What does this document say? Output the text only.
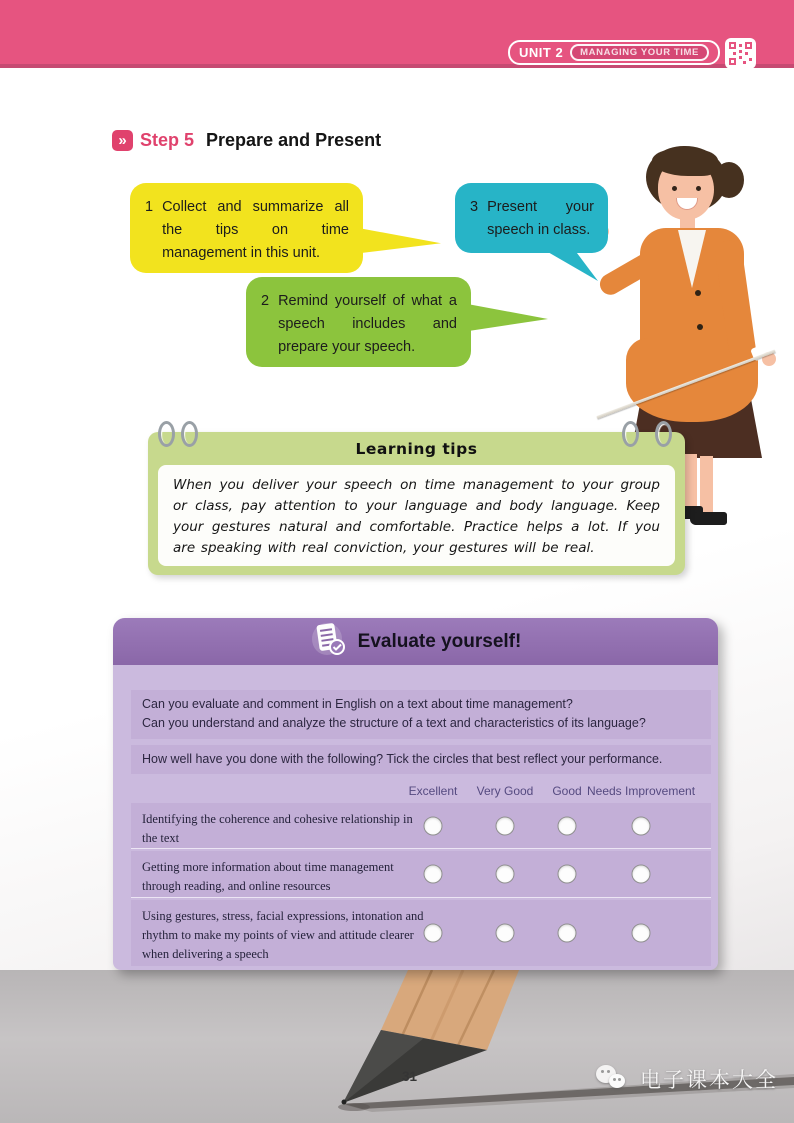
UNIT 2	MANAGING YOUR TIME
» Step 5 Prepare and Present
1 Collect and summarize all the tips on time management in this unit.
2 Remind yourself of what a speech includes and prepare your speech.
3 Present your speech in class.
Learning tips
When you deliver your speech on time management to your group or class, pay attention to your language and body language. Keep your gestures natural and comfortable. Practice helps a lot. If you are speaking with real conviction, your gestures will be real.
Evaluate yourself!
Can you evaluate and comment in English on a text about time management?
Can you understand and analyze the structure of a text and characteristics of its language?
How well have you done with the following? Tick the circles that best reflect your performance.
Excellent Very Good Good Needs Improvement
Identifying the coherence and cohesive relationship in the text
Getting more information about time management through reading, and online resources
Using gestures, stress, facial expressions, intonation and rhythm to make my points of view and attitude clearer when delivering a speech
31	电子课本大全
